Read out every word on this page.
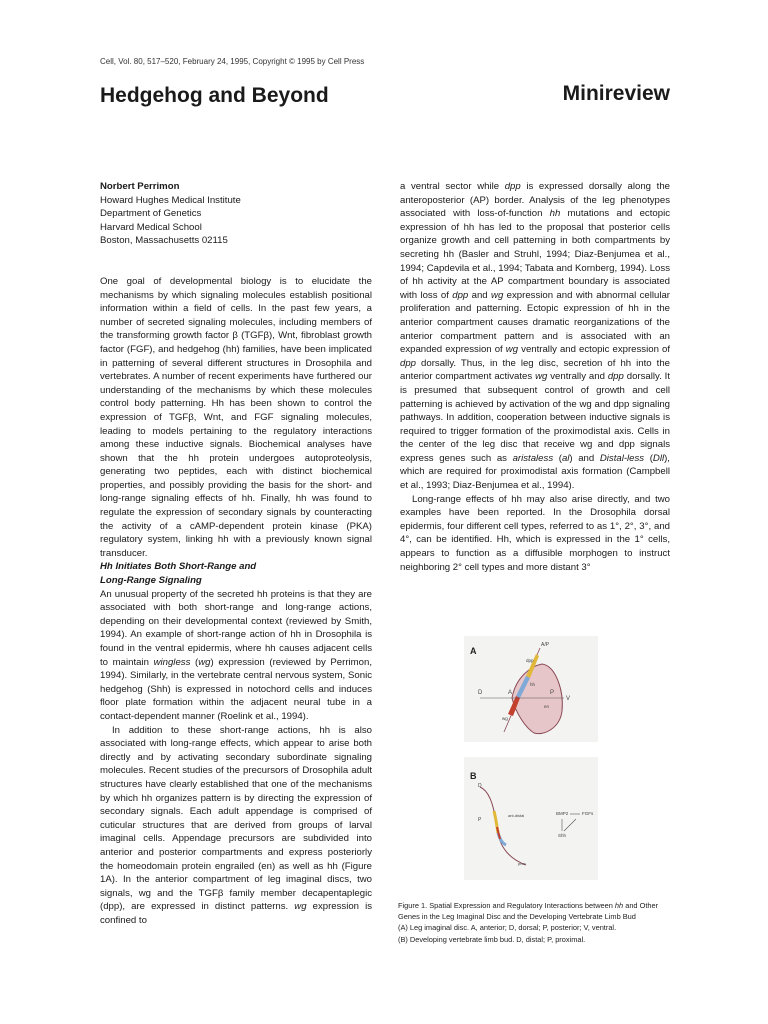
Cell, Vol. 80, 517–520, February 24, 1995, Copyright © 1995 by Cell Press
Hedgehog and Beyond	Minireview
Norbert Perrimon
Howard Hughes Medical Institute
Department of Genetics
Harvard Medical School
Boston, Massachusetts 02115

One goal of developmental biology is to elucidate the mechanisms by which signaling molecules establish positional information within a field of cells. In the past few years, a number of secreted signaling molecules, including members of the transforming growth factor β (TGFβ), Wnt, fibroblast growth factor (FGF), and hedgehog (hh) families, have been implicated in patterning of several different structures in Drosophila and vertebrates. A number of recent experiments have furthered our understanding of the mechanisms by which these molecules control body patterning. Hh has been shown to control the expression of TGFβ, Wnt, and FGF signaling molecules, leading to models pertaining to the regulatory interactions among these inductive signals. Biochemical analyses have shown that the hh protein undergoes autoproteolysis, generating two peptides, each with distinct biochemical properties, and possibly providing the basis for the short- and long-range signaling effects of hh. Finally, hh was found to regulate the expression of secondary signals by counteracting the activity of a cAMP-dependent protein kinase (PKA) regulatory system, linking hh with a previously known signal transducer.

Hh Initiates Both Short-Range and
Long-Range Signaling

An unusual property of the secreted hh proteins is that they are associated with both short-range and long-range actions, depending on their developmental context (reviewed by Smith, 1994). An example of short-range action of hh in Drosophila is found in the ventral epidermis, where hh causes adjacent cells to maintain wingless (wg) expression (reviewed by Perrimon, 1994). Similarly, in the vertebrate central nervous system, Sonic hedgehog (Shh) is expressed in notochord cells and induces floor plate formation within the adjacent neural tube in a contact-dependent manner (Roelink et al., 1994).

In addition to these short-range actions, hh is also associated with long-range effects, which appear to arise both directly and by activating secondary subordinate signaling molecules. Recent studies of the precursors of Drosophila adult structures have clearly established that one of the mechanisms by which hh organizes pattern is by directing the expression of secondary signals. Each adult appendage is comprised of cuticular structures that are derived from groups of larval imaginal cells. Appendage precursors are subdivided into anterior and posterior compartments and express posteriorly the homeodomain protein engrailed (en) as well as hh (Figure 1A). In the anterior compartment of leg imaginal discs, two signals, wg and the TGFβ family member decapentaplegic (dpp), are expressed in distinct patterns. wg expression is confined to

a ventral sector while dpp is expressed dorsally along the anteroposterior (AP) border. Analysis of the leg phenotypes associated with loss-of-function hh mutations and ectopic expression of hh has led to the proposal that posterior cells organize growth and cell patterning in both compartments by secreting hh (Basler and Struhl, 1994; Diaz-Benjumea et al., 1994; Capdevila et al., 1994; Tabata and Kornberg, 1994). Loss of hh activity at the AP compartment boundary is associated with loss of dpp and wg expression and with abnormal cellular proliferation and patterning. Ectopic expression of hh in the anterior compartment causes dramatic reorganizations of the anterior compartment pattern and is associated with an expanded expression of wg ventrally and ectopic expression of dpp dorsally. Thus, in the leg disc, secretion of hh into the anterior compartment activates wg ventrally and dpp dorsally. It is presumed that subsequent control of growth and cell patterning is achieved by activation of the wg and dpp signaling pathways. In addition, cooperation between inductive signals is required to trigger formation of the proximodistal axis. Cells in the center of the leg disc that receive wg and dpp signals express genes such as aristaless (al) and Distal-less (Dll), which are required for proximodistal axis formation (Campbell et al., 1993; Diaz-Benjumea et al., 1994).

Long-range effects of hh may also arise directly, and two examples have been reported. In the Drosophila dorsal epidermis, four different cell types, referred to as 1°, 2°, 3°, and 4°, can be identified. Hh, which is expressed in the 1° cells, appears to function as a diffusible morphogen to instruct neighboring 2° cell types and more distant 3°

A
A/P
D
V
A	P
hh
dpp
wg
en
B
D
P
ant-distal
prox
BMP2	FGFs
Shh

Figure 1. Spatial Expression and Regulatory Interactions between hh and Other Genes in the Leg Imaginal Disc and the Developing Vertebrate Limb Bud

(A) Leg imaginal disc. A, anterior; D, dorsal; P, posterior; V, ventral.

(B) Developing vertebrate limb bud. D, distal; P, proximal.
